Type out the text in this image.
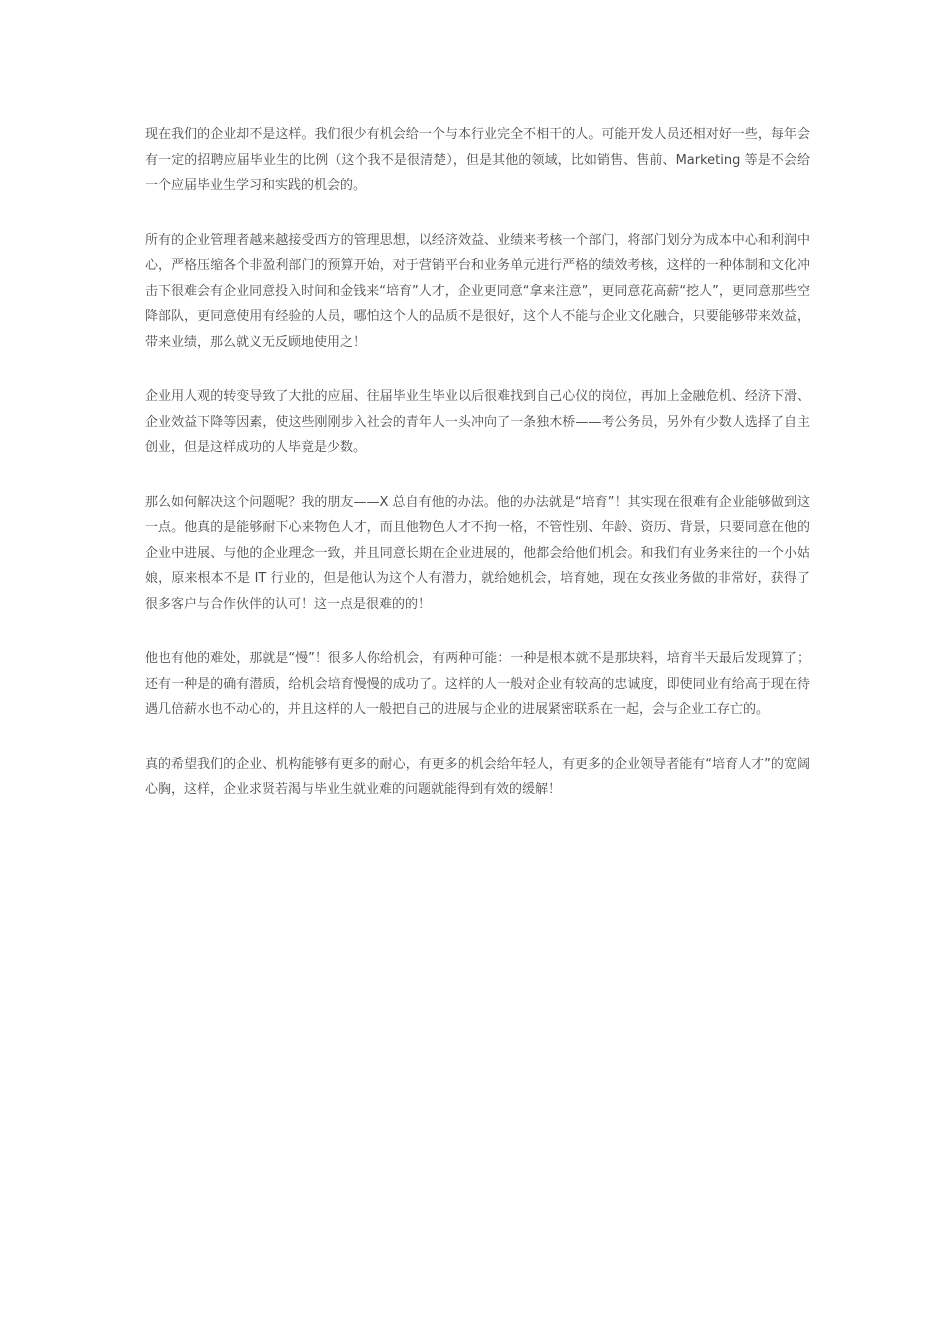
现在我们的企业却不是这样。我们很少有机会给一个与本行业完全不相干的人。可能开发人员还相对好一些，每年会有一定的招聘应届毕业生的比例（这个我不是很清楚），但是其他的领域，比如销售、售前、Marketing 等是不会给一个应届毕业生学习和实践的机会的。

所有的企业管理者越来越接受西方的管理思想，以经济效益、业绩来考核一个部门，将部门划分为成本中心和利润中心，严格压缩各个非盈利部门的预算开始，对于营销平台和业务单元进行严格的绩效考核，这样的一种体制和文化冲击下很难会有企业同意投入时间和金钱来“培育”人才，企业更同意“拿来注意”，更同意花高薪“挖人”，更同意那些空降部队，更同意使用有经验的人员，哪怕这个人的品质不是很好，这个人不能与企业文化融合，只要能够带来效益，带来业绩，那么就义无反顾地使用之！

企业用人观的转变导致了大批的应届、往届毕业生毕业以后很难找到自己心仪的岗位，再加上金融危机、经济下滑、企业效益下降等因素，使这些刚刚步入社会的青年人一头冲向了一条独木桥——考公务员，另外有少数人选择了自主创业，但是这样成功的人毕竟是少数。

那么如何解决这个问题呢？我的朋友——X 总自有他的办法。他的办法就是“培育”！其实现在很难有企业能够做到这一点。他真的是能够耐下心来物色人才，而且他物色人才不拘一格，不管性别、年龄、资历、背景，只要同意在他的企业中进展、与他的企业理念一致，并且同意长期在企业进展的，他都会给他们机会。和我们有业务来往的一个小姑娘，原来根本不是 IT 行业的，但是他认为这个人有潜力，就给她机会，培育她，现在女孩业务做的非常好，获得了很多客户与合作伙伴的认可！这一点是很难的的！

他也有他的难处，那就是“慢”！很多人你给机会，有两种可能：一种是根本就不是那块料，培育半天最后发现算了；还有一种是的确有潜质，给机会培育慢慢的成功了。这样的人一般对企业有较高的忠诚度，即使同业有给高于现在待遇几倍薪水也不动心的，并且这样的人一般把自己的进展与企业的进展紧密联系在一起，会与企业工存亡的。

真的希望我们的企业、机构能够有更多的耐心，有更多的机会给年轻人，有更多的企业领导者能有“培育人才”的宽阔心胸，这样，企业求贤若渴与毕业生就业难的问题就能得到有效的缓解！
